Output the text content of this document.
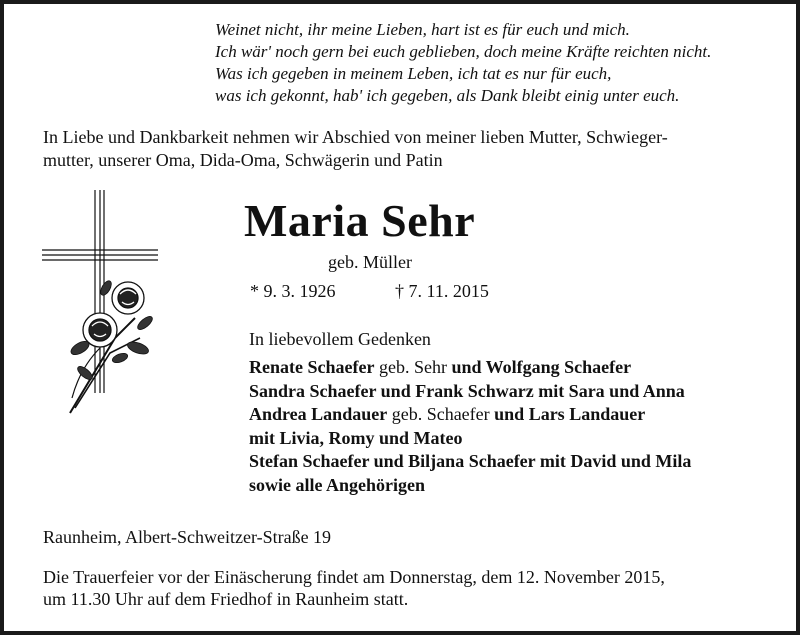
Weinet nicht, ihr meine Lieben, hart ist es für euch und mich.
Ich wär' noch gern bei euch geblieben, doch meine Kräfte reichten nicht.
Was ich gegeben in meinem Leben, ich tat es nur für euch,
was ich gekonnt, hab' ich gegeben, als Dank bleibt einig unter euch.
In Liebe und Dankbarkeit nehmen wir Abschied von meiner lieben Mutter, Schwieger-
mutter, unserer Oma, Dida-Oma, Schwägerin und Patin
Maria Sehr
geb. Müller
* 9. 3. 1926	† 7. 11. 2015
In liebevollem Gedenken
Renate Schaefer geb. Sehr und Wolfgang Schaefer
Sandra Schaefer und Frank Schwarz mit Sara und Anna
Andrea Landauer geb. Schaefer und Lars Landauer
mit Livia, Romy und Mateo
Stefan Schaefer und Biljana Schaefer mit David und Mila
sowie alle Angehörigen
Raunheim, Albert-Schweitzer-Straße 19
Die Trauerfeier vor der Einäscherung findet am Donnerstag, dem 12. November 2015,
um 11.30 Uhr auf dem Friedhof in Raunheim statt.
